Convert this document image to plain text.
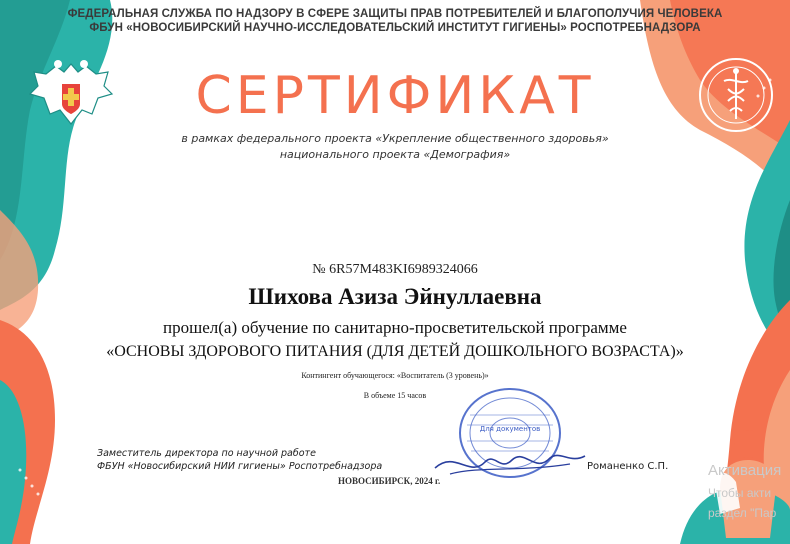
ФЕДЕРАЛЬНАЯ СЛУЖБА ПО НАДЗОРУ В СФЕРЕ ЗАЩИТЫ ПРАВ ПОТРЕБИТЕЛЕЙ И БЛАГОПОЛУЧИЯ ЧЕЛОВЕКА
ФБУН «НОВОСИБИРСКИЙ НАУЧНО-ИССЛЕДОВАТЕЛЬСКИЙ ИНСТИТУТ ГИГИЕНЫ» РОСПОТРЕБНАДЗОРА
СЕРТИФИКАТ
в рамках федерального проекта «Укрепление общественного здоровья»
национального проекта «Демография»
№ 6R57M483KI6989324066
Шихова Азиза Эйнуллаевна
прошел(а) обучение по санитарно-просветительской программе
«ОСНОВЫ ЗДОРОВОГО ПИТАНИЯ (ДЛЯ ДЕТЕЙ ДОШКОЛЬНОГО ВОЗРАСТА)»
Контингент обучающегося: «Воспитатель (3 уровень)»
В объеме 15 часов
Для документов
Заместитель директора по научной работе
ФБУН «Новосибирский НИИ гигиены» Роспотребнадзора	Романенко С.П.
НОВОСИБИРСК, 2024 г.
Активация
Чтобы акти
раздел "Пар
